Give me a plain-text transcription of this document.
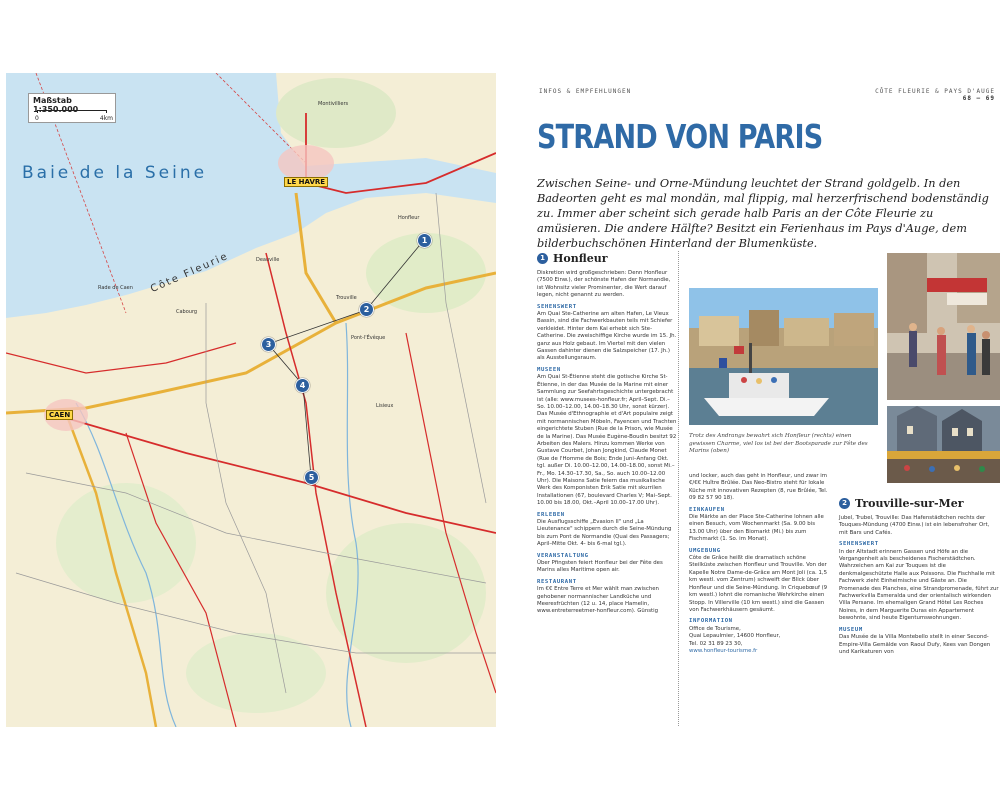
Maßstab 1:350.000
0	4km
Baie de la Seine
Côte Fleurie
LE HAVRE
CAEN
Montivilliers
Honfleur
Trouville
Deauville
Cabourg
Lisieux
Pont-l'Évêque
Rade de Caen
1
2
3
4
5
INFOS & EMPFEHLUNGEN	CÔTE FLEURIE & PAYS D'AUGE
68 – 69
STRAND VON PARIS

Zwischen Seine- und Orne-Mündung leuchtet der Strand goldgelb. In den Badeorten geht es mal mondän, mal flippig, mal herzerfrischend bodenständig zu. Immer aber scheint sich gerade halb Paris an der Côte Fleurie zu amüsieren. Die andere Hälfte? Besitzt ein Ferienhaus im Pays d'Auge, dem bilderbuchschönen Hinterland der Blumenküste.

1 Honfleur

Diskretion wird großgeschrieben: Denn Honfleur (7500 Einw.), der schönste Hafen der Normandie, ist Wohnsitz vieler Prominenter, die Wert darauf legen, nicht genannt zu werden.

SEHENSWERT

Am Quai Ste-Catherine am alten Hafen, Le Vieux Bassin, sind die Fachwerkbauten teils mit Schiefer verkleidet. Hinter dem Kai erhebt sich Ste-Catherine. Die zweischiffige Kirche wurde im 15. Jh. ganz aus Holz gebaut. Im Viertel mit den vielen Gassen dahinter dienen die Salzspeicher (17. Jh.) als Ausstellungsraum.

MUSEEN

Am Quai St-Étienne steht die gotische Kirche St-Étienne, in der das Musée de la Marine mit einer Sammlung zur Seefahrtsgeschichte untergebracht ist (alle: www.musees-honfleur.fr; April–Sept. Di.–So. 10.00–12.00, 14.00–18.30 Uhr, sonst kürzer). Das Musée d'Ethnographie et d'Art populaire zeigt mit normannischen Möbeln, Fayencen und Trachten eingerichtete Stuben (Rue de la Prison, wie Musée de la Marine). Das Musée Eugène-Boudin besitzt 92 Arbeiten des Malers. Hinzu kommen Werke von Gustave Courbet, Johan Jongkind, Claude Monet (Rue de l'Homme de Bois; Ende Juni–Anfang Okt. tgl. außer Di. 10.00–12.00, 14.00–18.00, sonst Mi.–Fr., Mo. 14.30–17.30, Sa., So. auch 10.00–12.00 Uhr). Die Maisons Satie feiern das musikalische Werk des Komponisten Erik Satie mit skurrilen Installationen (67, boulevard Charles V; Mai–Sept. 10.00 bis 18.00, Okt.–April 10.00–17.00 Uhr).

ERLEBEN

Die Ausflugsschiffe „Evasion II" und „La Lieutenance" schippern durch die Seine-Mündung bis zum Pont de Normandie (Quai des Passagers; April–Mitte Okt. 4- bis 6-mal tgl.).

VERANSTALTUNG

Über Pfingsten feiert Honfleur bei der Fête des Marins alles Maritime open air.

RESTAURANT

Im €€ Entre Terre et Mer wählt man zwischen gehobener normannischer Landküche und Meeresfrüchten (12 u. 14, place Hamelin, www.entreterreetmer-honfleur.com). Günstig

Trotz des Andrangs bewahrt sich Honfleur (rechts) einen gewissen Charme, viel los ist bei der Bootsparade zur Fête des Marins (oben)

und locker, auch das geht in Honfleur, und zwar im €/€€ Huître Brûlée. Das Neo-Bistro steht für lokale Küche mit innovativen Rezepten (8, rue Brûlée, Tel. 09 82 57 90 18).

EINKAUFEN

Die Märkte an der Place Ste-Catherine lohnen alle einen Besuch, vom Wochenmarkt (Sa. 9.00 bis 13.00 Uhr) über den Biomarkt (Mi.) bis zum Fischmarkt (1. So. im Monat).

UMGEBUNG

Côte de Grâce heißt die dramatisch schöne Steilküste zwischen Honfleur und Trouville. Von der Kapelle Notre Dame-de-Grâce am Mont Joli (ca. 1,5 km westl. vom Zentrum) schweift der Blick über Honfleur und die Seine-Mündung. In Criquebœuf (9 km westl.) lohnt die romanische Wehrkirche einen Stopp. In Villerville (10 km westl.) sind die Gassen von Fachwerkhäusern gesäumt.

INFORMATION

Office de Tourisme,
Quai Lepaulmier, 14600 Honfleur,
Tel. 02 31 89 23 30,
www.honfleur-tourisme.fr

2 Trouville-sur-Mer

Jubel, Trubel, Trouville: Das Hafenstädtchen rechts der Touques-Mündung (4700 Einw.) ist ein lebensfroher Ort, mit Bars und Cafés.

SEHENSWERT

In der Altstadt erinnern Gassen und Höfe an die Vergangenheit als bescheidenes Fischerstädtchen. Wahrzeichen am Kai zur Touques ist die denkmalgeschützte Halle aux Poissons. Die Fischhalle mit Fachwerk zieht Einheimische und Gäste an. Die Promenade des Planches, eine Strandpromenade, führt zur Fachwerkvilla Esmeralda und der orientalisch wirkenden Villa Persane. Im ehemaligen Grand Hôtel Les Roches Noires, in dem Marguerite Duras ein Appartement bewohnte, sind heute Eigentumswohnungen.

MUSEUM

Das Musée de la Villa Montebello stellt in einer Second-Empire-Villa Gemälde von Raoul Dufy, Kees van Dongen und Karikaturen von
